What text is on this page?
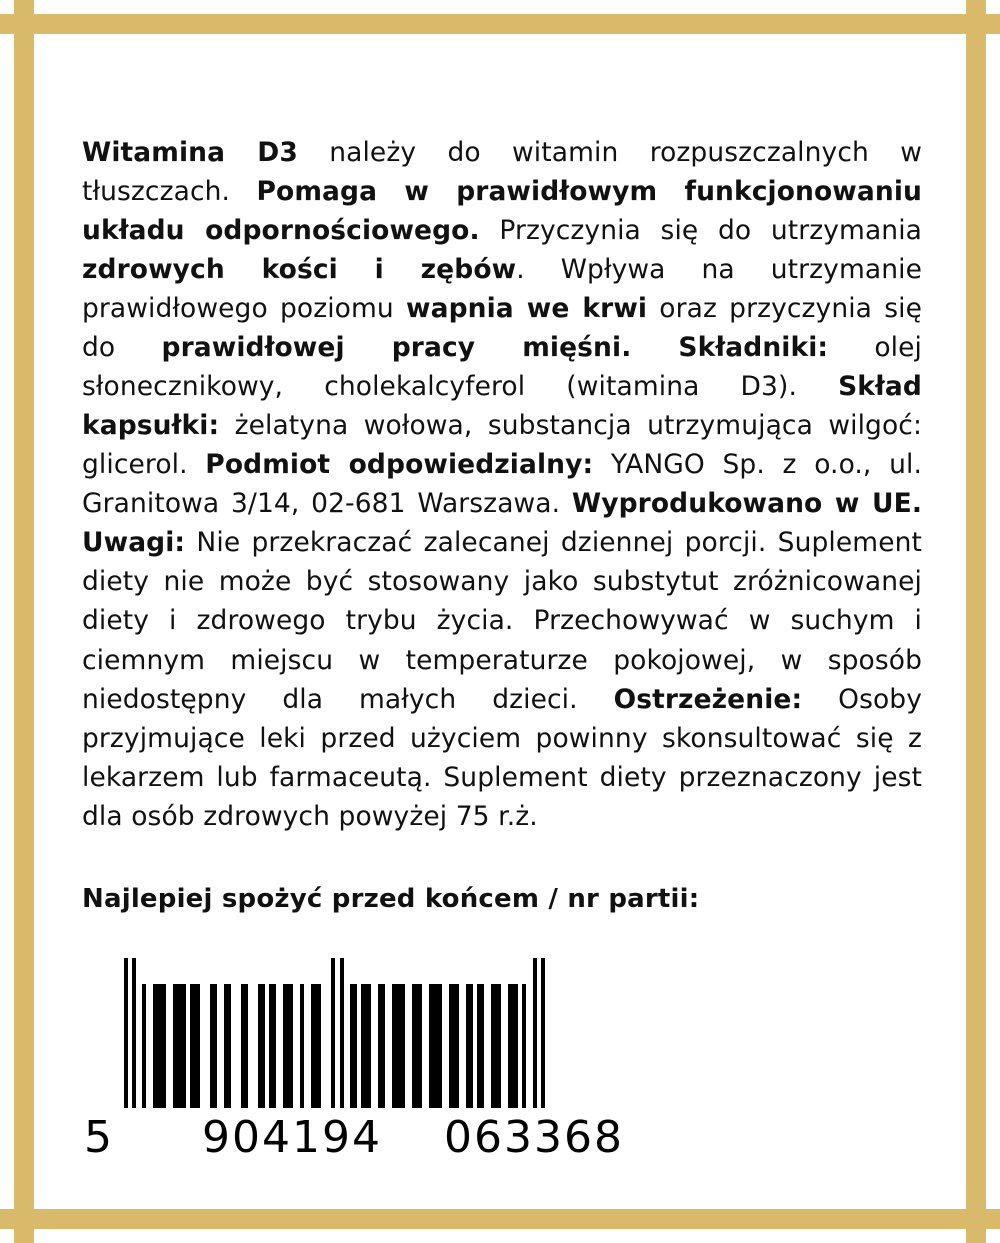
Witamina D3 należy do witamin rozpuszczalnych w tłuszczach. Pomaga w prawidłowym funkcjonowaniu układu odpornościowego. Przyczynia się do utrzymania zdrowych kości i zębów. Wpływa na utrzymanie prawidłowego poziomu wapnia we krwi oraz przyczynia się do prawidłowej pracy mięśni. Składniki: olej słonecznikowy, cholekalcyferol (witamina D3). Skład kapsułki: żelatyna wołowa, substancja utrzymująca wilgoć: glicerol. Podmiot odpowiedzialny: YANGO Sp. z o.o., ul. Granitowa 3/14, 02-681 Warszawa. Wyprodukowano w UE. Uwagi: Nie przekraczać zalecanej dziennej porcji. Suplement diety nie może być stosowany jako substytut zróżnicowanej diety i zdrowego trybu życia. Przechowywać w suchym i ciemnym miejscu w temperaturze pokojowej, w sposób niedostępny dla małych dzieci. Ostrzeżenie: Osoby przyjmujące leki przed użyciem powinny skonsultować się z lekarzem lub farmaceutą. Suplement diety przeznaczony jest dla osób zdrowych powyżej 75 r.ż.

Najlepiej spożyć przed końcem / nr partii:
5 904194 063368
